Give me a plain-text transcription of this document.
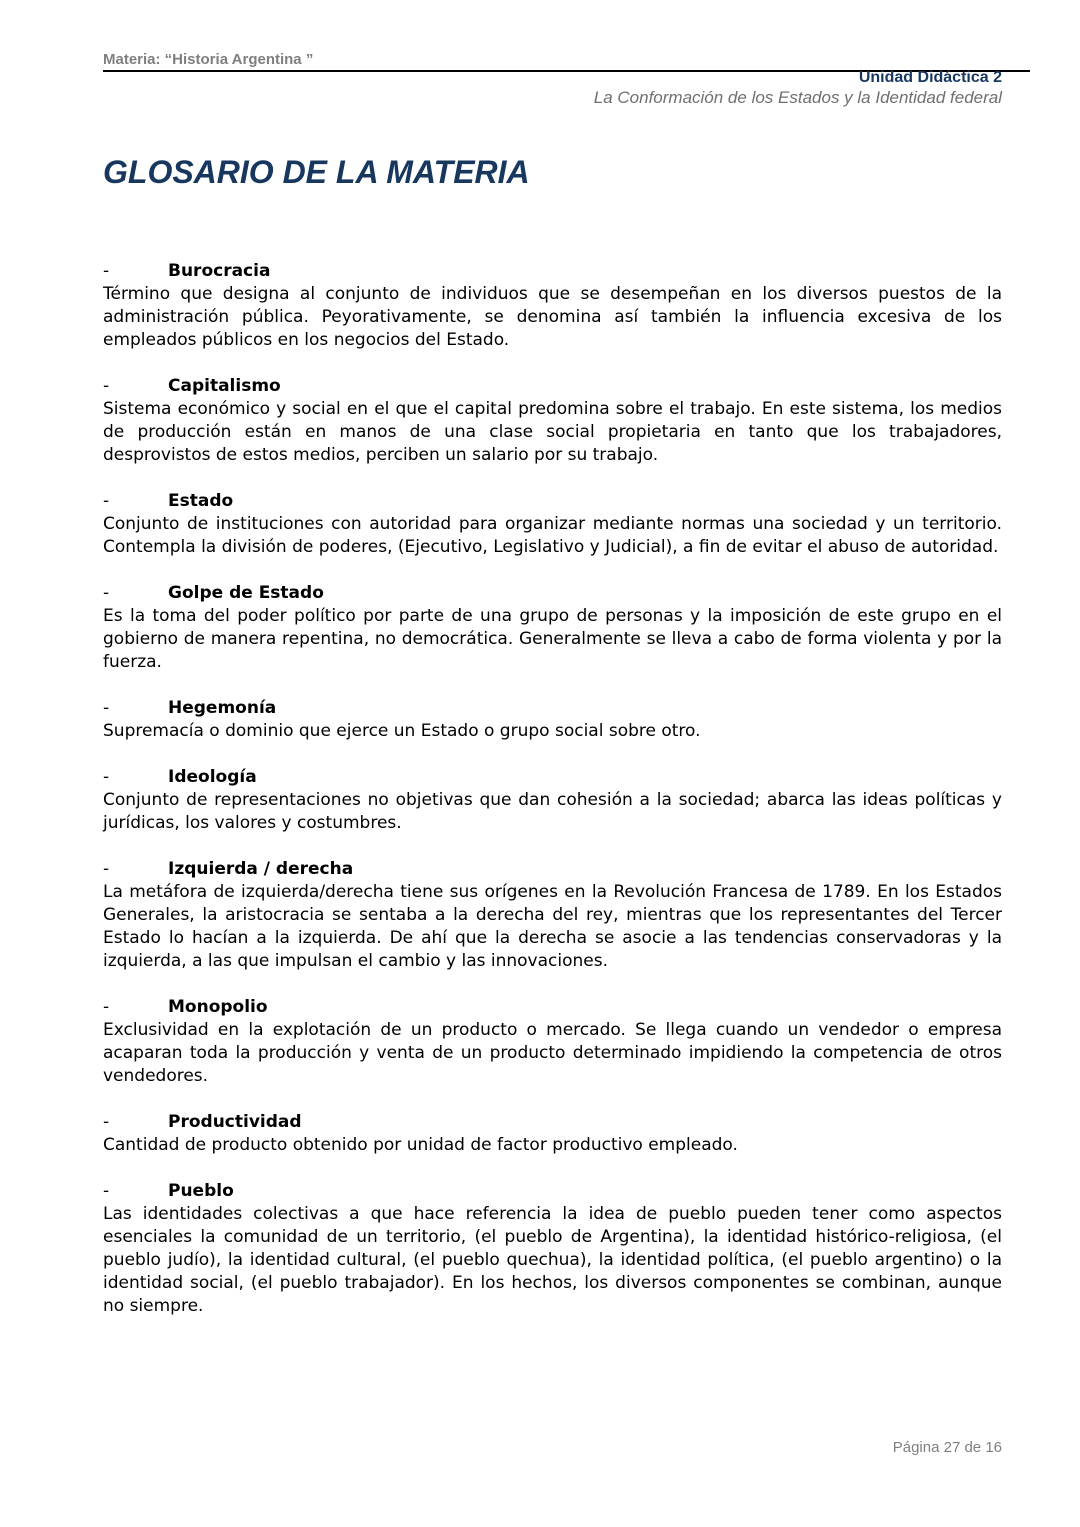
Materia: “Historia Argentina ”
Unidad Didáctica 2
La Conformación de los Estados y la Identidad federal
GLOSARIO DE LA MATERIA
-	Burocracia

Término que designa al conjunto de individuos que se desempeñan en los diversos puestos de la administración pública. Peyorativamente, se denomina así también la influencia excesiva de los empleados públicos en los negocios del Estado.

-	Capitalismo

Sistema económico y social en el que el capital predomina sobre el trabajo. En este sistema, los medios de producción están en manos de una clase social propietaria en tanto que los trabajadores, desprovistos de estos medios, perciben un salario por su trabajo.

-	Estado

Conjunto de instituciones con autoridad para organizar mediante normas una sociedad y un territorio. Contempla la división de poderes, (Ejecutivo, Legislativo y Judicial), a fin de evitar el abuso de autoridad.

-	Golpe de Estado

Es la toma del poder político por parte de una grupo de personas y la imposición de este grupo en el gobierno de manera repentina, no democrática. Generalmente se lleva a cabo de forma violenta y por la fuerza.

-	Hegemonía

Supremacía o dominio que ejerce un Estado o grupo social sobre otro.

-	Ideología

Conjunto de representaciones no objetivas que dan cohesión a la sociedad; abarca las ideas políticas y jurídicas, los valores y costumbres.

-	Izquierda / derecha

La metáfora de izquierda/derecha tiene sus orígenes en la Revolución Francesa de 1789. En los Estados Generales, la aristocracia se sentaba a la derecha del rey, mientras que los representantes del Tercer Estado lo hacían a la izquierda. De ahí que la derecha se asocie a las tendencias conservadoras y la izquierda, a las que impulsan el cambio y las innovaciones.

-	Monopolio

Exclusividad en la explotación de un producto o mercado. Se llega cuando un vendedor o empresa acaparan toda la producción y venta de un producto determinado impidiendo la competencia de otros vendedores.

-	Productividad

Cantidad de producto obtenido por unidad de factor productivo empleado.

-	Pueblo

Las identidades colectivas a que hace referencia la idea de pueblo pueden tener como aspectos esenciales la comunidad de un territorio, (el pueblo de Argentina), la identidad histórico-religiosa, (el pueblo judío), la identidad cultural, (el pueblo quechua), la identidad política, (el pueblo argentino) o la identidad social, (el pueblo trabajador). En los hechos, los diversos componentes se combinan, aunque no siempre.

Página 27 de 16
